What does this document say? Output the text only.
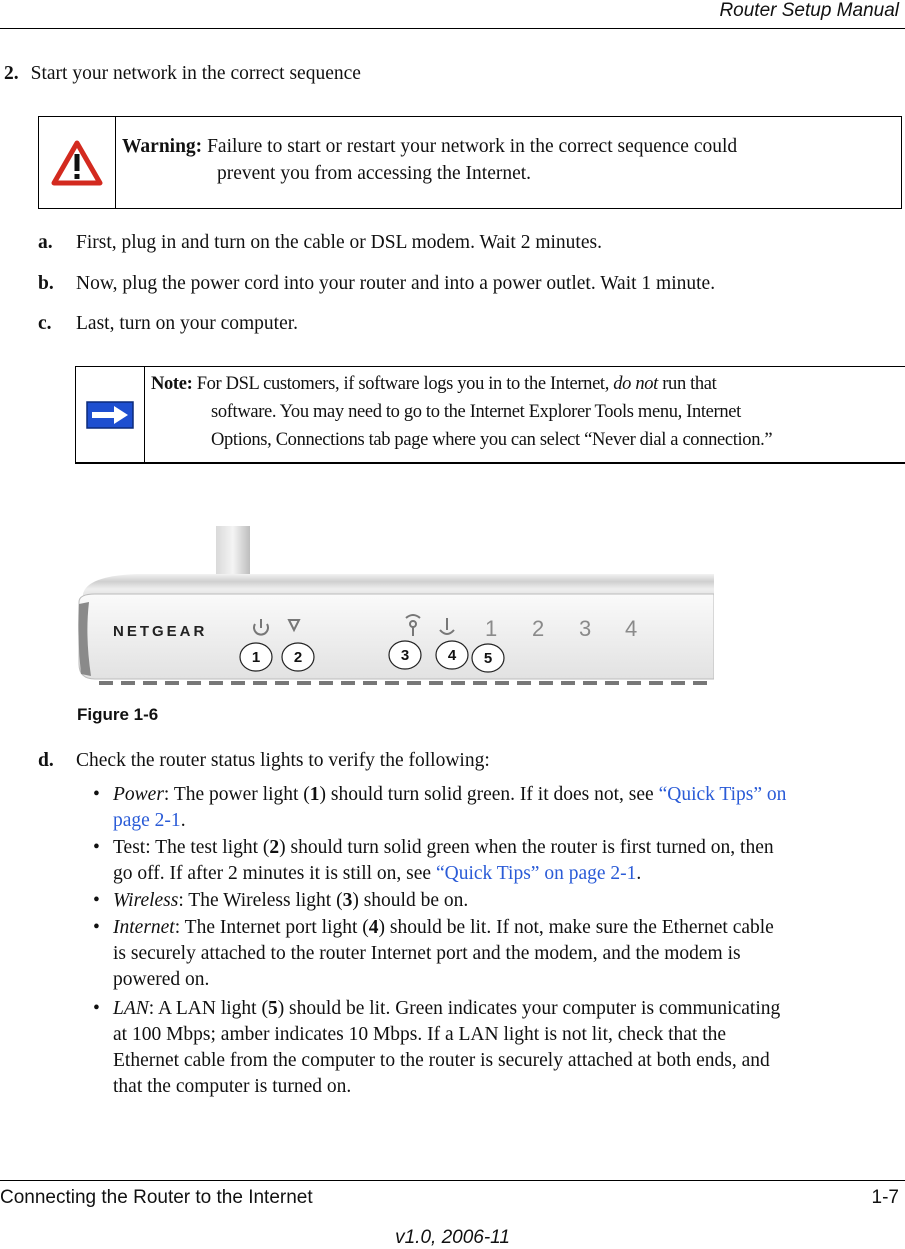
Router Setup Manual
2. Start your network in the correct sequence
Warning: Failure to start or restart your network in the correct sequence could
prevent you from accessing the Internet.
a. First, plug in and turn on the cable or DSL modem. Wait 2 minutes.
b. Now, plug the power cord into your router and into a power outlet. Wait 1 minute.
c. Last, turn on your computer.
Note: For DSL customers, if software logs you in to the Internet, do not run that
software. You may need to go to the Internet Explorer Tools menu, Internet
Options, Connections tab page where you can select “Never dial a connection.”
NETGEAR	1 2 3 4
1 2	3	4 5
Figure 1-6
d. Check the router status lights to verify the following:
• Power: The power light (1) should turn solid green. If it does not, see “Quick Tips” on
page 2-1.
• Test: The test light (2) should turn solid green when the router is first turned on, then
go off. If after 2 minutes it is still on, see “Quick Tips” on page 2-1.
• Wireless: The Wireless light (3) should be on.
• Internet: The Internet port light (4) should be lit. If not, make sure the Ethernet cable
is securely attached to the router Internet port and the modem, and the modem is
powered on.
• LAN: A LAN light (5) should be lit. Green indicates your computer is communicating
at 100 Mbps; amber indicates 10 Mbps. If a LAN light is not lit, check that the
Ethernet cable from the computer to the router is securely attached at both ends, and
that the computer is turned on.
Connecting the Router to the Internet	1-7
v1.0, 2006-11
